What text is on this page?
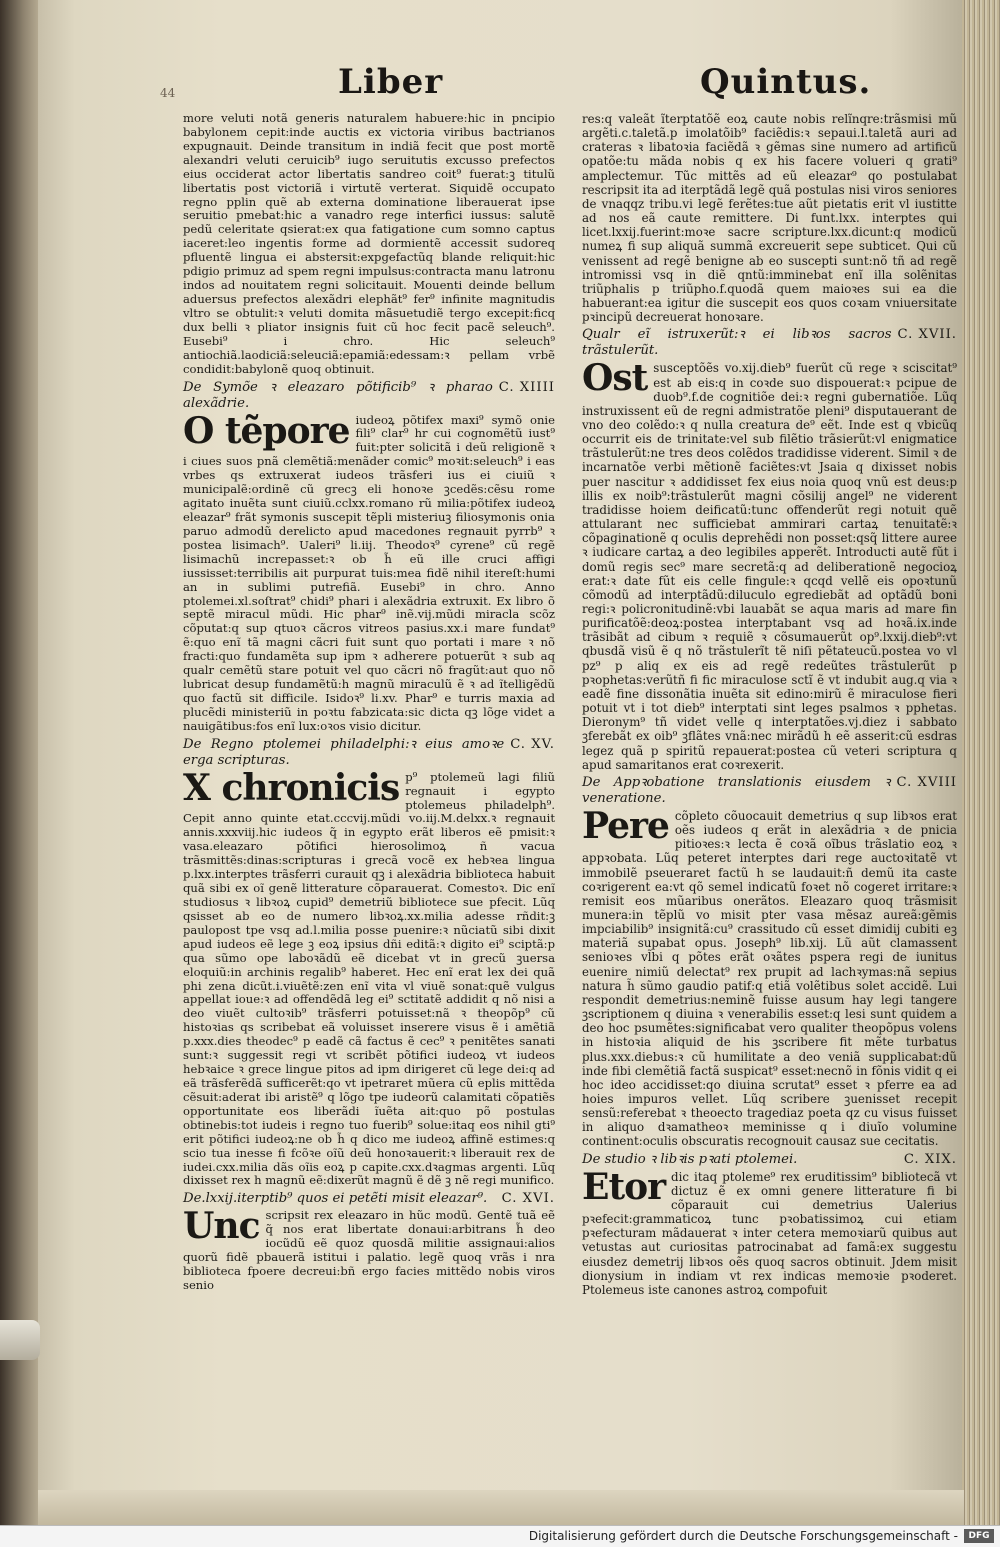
44	Liber	Quintus.

more veluti notã generis naturalem habuere:hic in pncipio babylonem cepit:inde auctis ex victoria viribus bactrianos expugnauit. Deinde transitum in indiã fecit que post mortẽ alexandri veluti ceruicib⁹ iugo seruitutis excusso prefectos eius occiderat actor libertatis sandreo coit⁹ fuerat:ꝫ titulũ libertatis post victoriã i virtutẽ verterat. Siquidẽ occupato regno pplin quẽ ab externa dominatione liberauerat ipse seruitio pmebat:hic a vanadro rege interfici iussus: salutẽ pedũ celeritate qsierat:ex qua fatigatione cum somno captus iaceret:leo ingentis forme ad dormientẽ accessit sudoreq pfluentẽ lingua ei abstersit:expgefactũq blande reliquit:hic pdigio primuz ad spem regni impulsus:contracta manu latronu indos ad nouitatem regni solicitauit. Mouenti deinde bellum aduersus prefectos alexãdri elephãt⁹ fer⁹ infinite magnitudis vltro se obtulit:ꝛ veluti domita mãsuetudiẽ tergo excepit:ficq dux belli ꝛ pliator insignis fuit cũ hoc fecit pacẽ seleuch⁹. Eusebi⁹ i chro. Hic seleuch⁹ antiochiã.laodiciã:seleuciã:epamiã:edessam:ꝛ pellam vrbẽ condidit:babylonẽ quoq obtinuit.

C. XIIII
De Symõe ꝛ eleazaro põtificib⁹ ꝛ pharao alexãdrie.

O tẽpore iudeoꝝ põtifex maxi⁹ symõ onie fili⁹ clar⁹ hr cui cognomẽtũ iust⁹ fuit:pter solicitã i deũ religionẽ ꝛ i ciues suos pnã clemẽtiã:menãder comic⁹ moꝛit:seleuch⁹ i eas vrbes qs extruxerat iudeos trãsferi ius ei ciuiũ ꝛ municipalẽ:ordinẽ cũ grecꝫ eli honoꝛe ꝫcedẽs:cẽsu rome agitato inuẽta sunt ciuiũ.cclxx.romano rũ milia:põtifex iudeoꝝ eleazar⁹ frãt symonis suscepit tẽpli misteriuꝫ filiosymonis onia paruo admodũ derelicto apud macedones regnauit pyrrb⁹ ꝛ postea lisimach⁹. Ualeri⁹ li.iij. Theodoꝛ⁹ cyrene⁹ cũ regẽ lisimachũ increpasset:ꝛ ob h̃ eũ ille cruci affigi iussisset:terribilis ait purpurat tuis:mea fidẽ nihil itereſt:humi an in sublimi putrefiã. Eusebi⁹ in chro. Anno ptolemei.xl.soſtrat⁹ chidi⁹ phari i alexãdria extruxit. Ex libro õ septẽ miracul mũdi. Hic phar⁹ inẽ.vij.mũdi miracla scõz cõputat:q sup qtuoꝛ cãcros vitreos pasius.xx.i mare fundat⁹ ẽ:quo enĩ tã magni cãcri fuit sunt quo portati i mare ꝛ nõ fracti:quo fundamẽta sup ipm ꝛ adherere potuerũt ꝛ sub aq qualr cemẽtũ stare potuit vel quo cãcri nõ fragũt:aut quo nõ lubricat desup fundamẽtũ:h magnũ miraculũ ẽ ꝛ ad ĩtelligẽdũ quo factũ sit difficile. Isidoꝛ⁹ li.xv. Phar⁹ e turris maxia ad plucẽdi ministeriũ in poꝛtu fabzicata:sic dicta qꝫ lõge videt a nauigãtibus:fos enĩ lux:oꝛos visio dicitur.

C. XV.
De Regno ptolemei philadelphi:ꝛ eius amoꝛe erga scripturas.

X chronicis p⁹ ptolemeũ lagi filiũ regnauit i egypto ptolemeus philadelph⁹. Cepit anno quinte etat.cccvij.mũdi vo.iij.M.delxx.ꝛ regnauit annis.xxxviij.hic iudeos q̃ in egypto erãt liberos eẽ pmisit:ꝛ vasa.eleazaro põtifici hierosolimoꝝ ñ vacua trãsmittẽs:dinas:scripturas i grecã vocẽ ex hebꝛea lingua p.lxx.interptes trãsferri curauit qꝫ i alexãdria biblioteca habuit quã sibi ex oĩ genẽ litterature cõparauerat. Comestoꝛ. Dic enĩ studiosus ꝛ libꝛoꝝ cupid⁹ demetriũ bibliotece sue pfecit. Lũq qsisset ab eo de numero libꝛoꝝ.xx.milia adesse rñdit:ꝫ paulopost tpe vsq ad.l.milia posse puenire:ꝛ nũciatũ sibi dixit apud iudeos eẽ lege ꝫ eoꝝ ipsius dñi editã:ꝛ digito ei⁹ sciptã:p qua sũmo ope laboꝛãdũ eẽ dicebat vt in grecũ ꝫuersa eloquiũ:in archinis regalib⁹ haberet. Hec enĩ erat lex dei quã phi zena dicũt.i.viuẽtẽ:zen enĩ vita vl viuẽ sonat:quẽ vulgus appellat ioue:ꝛ ad offendẽdã leg ei⁹ sctitatẽ addidit q nõ nisi a deo viuẽt cultoꝛib⁹ trãsferri potuisset:nã ꝛ theopõp⁹ cũ histoꝛias qs scribebat eã voluisset inserere visus ẽ i amẽtiã p.xxx.dies theodec⁹ p eadẽ cã factus ẽ cec⁹ ꝛ penitẽtes sanati sunt:ꝛ suggessit regi vt scribẽt põtifici iudeoꝝ vt iudeos hebꝛaice ꝛ grece lingue pitos ad ipm dirigeret cũ lege dei:q ad eã trãsferẽdã sufficerẽt:qo vt ipetraret mũera cũ eplis mittẽda cẽsuit:aderat ibi aristẽ⁹ q lõgo tpe iudeorũ calamitati cõpatiẽs opportunitate eos liberãdi ĩuẽta ait:quo põ postulas obtinebis:tot iudeis i regno tuo fuerib⁹ solue:itaq eos nihil gti⁹ erit põtifici iudeoꝝ:ne ob h̃ q dico me iudeoꝝ affinẽ estimes:q scio tua inesse fi fcõꝛe oĩũ deũ honoꝛauerit:ꝛ liberauit rex de iudei.cxx.milia dãs oĩis eoꝝ p capite.cxx.dꝛagmas argenti. Lũq dixisset rex h magnũ eẽ:dixerũt magnũ ẽ dẽ ꝫ nẽ regi munifico.

C. XVI.
De.lxxij.iterptib⁹ quos ei petẽti misit eleazar⁹.

Unc scripsit rex eleazaro in hũc modũ. Gentẽ tuã eẽ q̃ nos erat libertate donaui:arbitrans h̃ deo iocũdũ eẽ quoz quosdã militie assignaui:alios quorũ fidẽ pbauerã istitui i palatio. legẽ quoq vrãs i nra biblioteca fpoere decreui:bñ ergo facies mittẽdo nobis viros senio

res:q valeãt ĩterptatõẽ eoꝝ caute nobis relĩnqre:trãsmisi mũ argẽti.c.taletã.p imolatõib⁹ faciẽdis:ꝛ sepaui.l.taletã auri ad crateras ꝛ libatoꝛia faciẽdã ꝛ gẽmas sine numero ad artificũ opatõe:tu mãda nobis q ex his facere volueri q grati⁹ amplectemur. Tũc mittẽs ad eũ eleazar⁹ qo postulabat rescripsit ita ad iterptãdã legẽ quã postulas nisi viros seniores de vnaqqz tribu.vi legẽ ferẽtes:tue aũt pietatis erit vl iustitte ad nos eã caute remittere. Di funt.lxx. interptes qui licet.lxxij.fuerint:moꝛe sacre scripture.lxx.dicunt:q modicũ numeꝝ fi sup aliquã summã excreuerit sepe subticet. Qui cũ venissent ad regẽ benigne ab eo suscepti sunt:nõ tñ ad regẽ intromissi vsq in diẽ qntũ:imminebat enĩ illa solẽnitas triũphalis p triũpho.f.quodã quem maioꝛes sui ea die habuerant:ea igitur die suscepit eos quos coꝛam vniuersitate pꝛincipũ decreuerat honoꝛare.

C. XVII.
Qualr eĩ istruxerũt:ꝛ ei libꝛos sacros trãstulerũt.

Ost susceptõẽs vo.xij.dieb⁹ fuerũt cũ rege ꝛ sciscitat⁹ est ab eis:q in coꝛde suo dispouerat:ꝛ pcipue de duob⁹.f.de cognitiõe dei:ꝛ regni gubernatiõe. Lũq instruxissent eũ de regni admistratõe pleni⁹ disputauerant de vno deo colẽdo:ꝛ q nulla creatura de⁹ eẽt. Inde est q vbicũq occurrit eis de trinitate:vel sub filẽtio trãsierũt:vl enigmatice trãstulerũt:ne tres deos colẽdos tradidisse viderent. Simil ꝛ de incarnatõe verbi mẽtionẽ faciẽtes:vt Jsaia q dixisset nobis puer nascitur ꝛ addidisset fex eius noia quoq vnũ est deus:p illis ex noib⁹:trãstulerũt magni cõsilij angel⁹ ne viderent tradidisse hoiem deificatũ:tunc offenderũt regi notuit quẽ attularant nec sufficiebat ammirari cartaꝝ tenuitatẽ:ꝛ cõpaginationẽ q oculis deprehẽdi non posset:qsq̃ littere auree ꝛ iudicare cartaꝝ a deo legibiles apperẽt. Introducti autẽ fũt i domũ regis sec⁹ mare secretã:q ad deliberationẽ negocioꝝ erat:ꝛ date fũt eis celle fingule:ꝛ qcqd vellẽ eis opoꝛtunũ cõmodũ ad interptãdũ:diluculo egrediebãt ad optãdũ boni regi:ꝛ policronitudinẽ:vbi lauabãt se aqua maris ad mare fin purificatõẽ:deoꝝ:postea interptabant vsq ad hoꝛã.ix.inde trãsibãt ad cibum ꝛ requiẽ ꝛ cõsumauerũt op⁹.lxxij.dieb⁹:vt qbusdã visũ ẽ q nõ trãstulerĩt tẽ niſi pẽtateucũ.postea vo vl pz⁹ p aliq ex eis ad regẽ redeũtes trãstulerũt p pꝛophetas:verũtñ fi fic miraculose sctĩ ẽ vt indubit aug.q via ꝛ eadẽ fine dissonãtia inuẽta sit edino:mirũ ẽ miraculose fieri potuit vt i tot dieb⁹ interptati sint leges psalmos ꝛ pphetas. Dieronym⁹ tñ videt velle q interptatões.vj.diez i sabbato ꝫferebãt ex oib⁹ ꝫflãtes vnã:nec mirãdũ h eẽ asserit:cũ esdras legez quã p spiritũ repauerat:postea cũ veteri scriptura q apud samaritanos erat coꝛrexerit.

C. XVIII
De Appꝛobatione translationis eiusdem ꝛ veneratione.

Pere cõpleto cõuocauit demetrius q sup libꝛos erat oẽs iudeos q erãt in alexãdria ꝛ de pnicia pitioꝛes:ꝛ lecta ẽ coꝛã oĩbus trãslatio eoꝝ ꝛ appꝛobata. Lũq peteret interptes dari rege auctoꝛitatẽ vt immobilẽ pseueraret factũ h se laudauit:ñ demũ ita caste coꝛrigerent ea:vt qõ semel indicatũ foꝛet nõ cogeret irritare:ꝛ remisit eos mũaribus onerãtos. Eleazaro quoq trãsmisit munera:in tẽplũ vo misit pter vasa mẽsaz aureã:gẽmis impciabilib⁹ insignitã:cu⁹ crassitudo cũ esset dimidij cubiti eꝫ materiã supabat opus. Joseph⁹ lib.xij. Lũ aũt clamassent senioꝛes vl̃bi q põtes erãt oꝛãtes pspera regi de iunitus euenire nimiũ delectat⁹ rex prupit ad lachꝛymas:nã sepius natura h̃ sũmo gaudio patif:q etiã volẽtibus solet accidẽ. Lui respondit demetrius:neminẽ fuisse ausum hay legi tangere ꝫscriptionem q diuina ꝛ venerabilis esset:q lesi sunt quidem a deo hoc psumẽtes:significabat vero qualiter theopõpus volens in histoꝛia aliquid de his ꝫscribere fit mẽte turbatus plus.xxx.diebus:ꝛ cũ humilitate a deo veniã supplicabat:dũ inde fibi clemẽtiã factã suspicat⁹ esset:necnõ in fõnis vidit q ei hoc ideo accidisset:qo diuina scrutat⁹ esset ꝛ pferre ea ad hoies impuros vellet. Lũq scribere ꝫuenisset recepit sensũ:referebat ꝛ theoecto tragediaz poeta qz cu visus fuisset in aliquo dꝛamatheoꝛ meminisse q i diuĩo volumine continent:oculis obscuratis recognouit causaz sue cecitatis.

C. XIX.
De studio ꝛ libꝛis pꝛati ptolemei.

Etor dic itaq ptoleme⁹ rex eruditissim⁹ bibliotecã vt dictuz ẽ ex omni genere litterature fi bi cõparauit cui demetrius Ualerius pꝛefecit:grammaticoꝝ tunc pꝛobatissimoꝝ cui etiam pꝛefecturam mãdauerat ꝛ inter cetera memoꝛiarũ quibus aut vetustas aut curiositas patrocinabat ad famã:ex suggestu eiusdez demetrij libꝛos oẽs quoq sacros obtinuit. Jdem misit dionysium in indiam vt rex indicas memoꝛie pꝛoderet. Ptolemeus iste canones astroꝝ compofuit

Digitalisierung gefördert durch die Deutsche Forschungsgemeinschaft -	DFG
